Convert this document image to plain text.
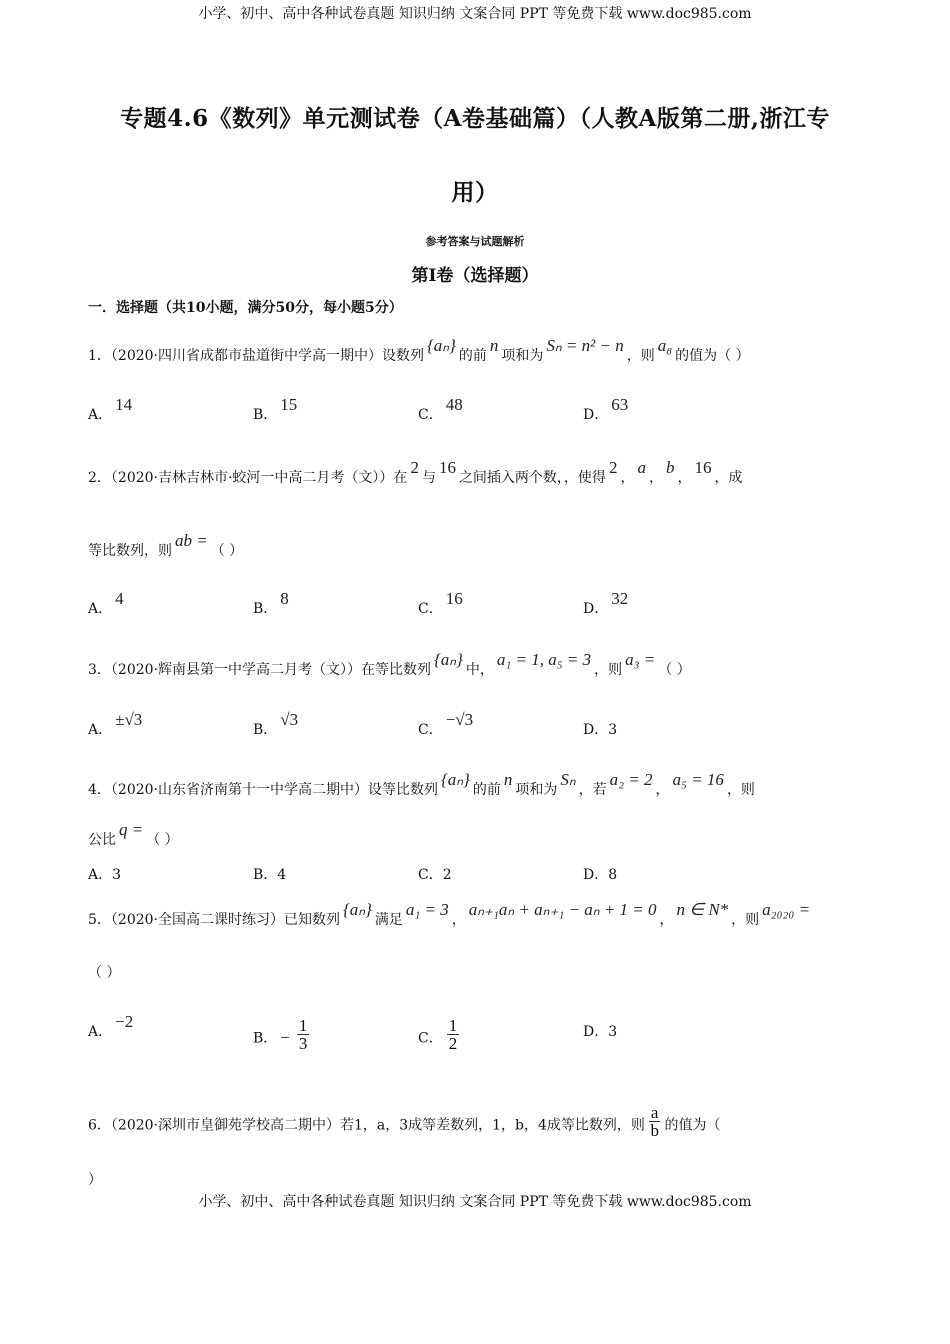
小学、初中、高中各种试卷真题 知识归纳 文案合同 PPT 等免费下载 www.doc985.com
专题4.6《数列》单元测试卷（A卷基础篇）（人教A版第二册,浙江专
用）
参考答案与试题解析
第Ⅰ卷（选择题）
一．选择题（共10小题，满分50分，每小题5分）
1．（2020·四川省成都市盐道街中学高一期中）设数列{aₙ}的前n项和为Sₙ = n² − n，则a₈的值为（ ）
A．14
B．15
C．48
D．63
2．（2020·吉林吉林市·蛟河一中高二月考（文））在2与16之间插入两个数，，使得2，a，b，16，成
等比数列，则ab =（ ）
A．4
B．8
C．16
D．32
3．（2020·辉南县第一中学高二月考（文））在等比数列{aₙ}中，a₁ = 1, a₅ = 3，则a₃ =（ ）
A．±√3
B．√3
C．−√3
D．3
4．（2020·山东省济南第十一中学高二期中）设等比数列{aₙ}的前n项和为Sₙ，若a₂ = 2，a₅ = 16，则
公比q =（ ）
A．3	B．4	C．2	D．8
5．（2020·全国高二课时练习）已知数列{aₙ}满足a₁ = 3，aₙ₊₁aₙ + aₙ₊₁ − aₙ + 1 = 0，n ∈ N*，则a₂₀₂₀ =
（ ）
A．−2
B． − $\frac{1}{3}$	C． $\frac{1}{2}$	D．3
6．（2020·深圳市皇御苑学校高二期中）若1，a，3成等差数列，1，b，4成等比数列，则 $\frac{a}{b}$ 的值为（
）
小学、初中、高中各种试卷真题 知识归纳 文案合同 PPT 等免费下载 www.doc985.com
